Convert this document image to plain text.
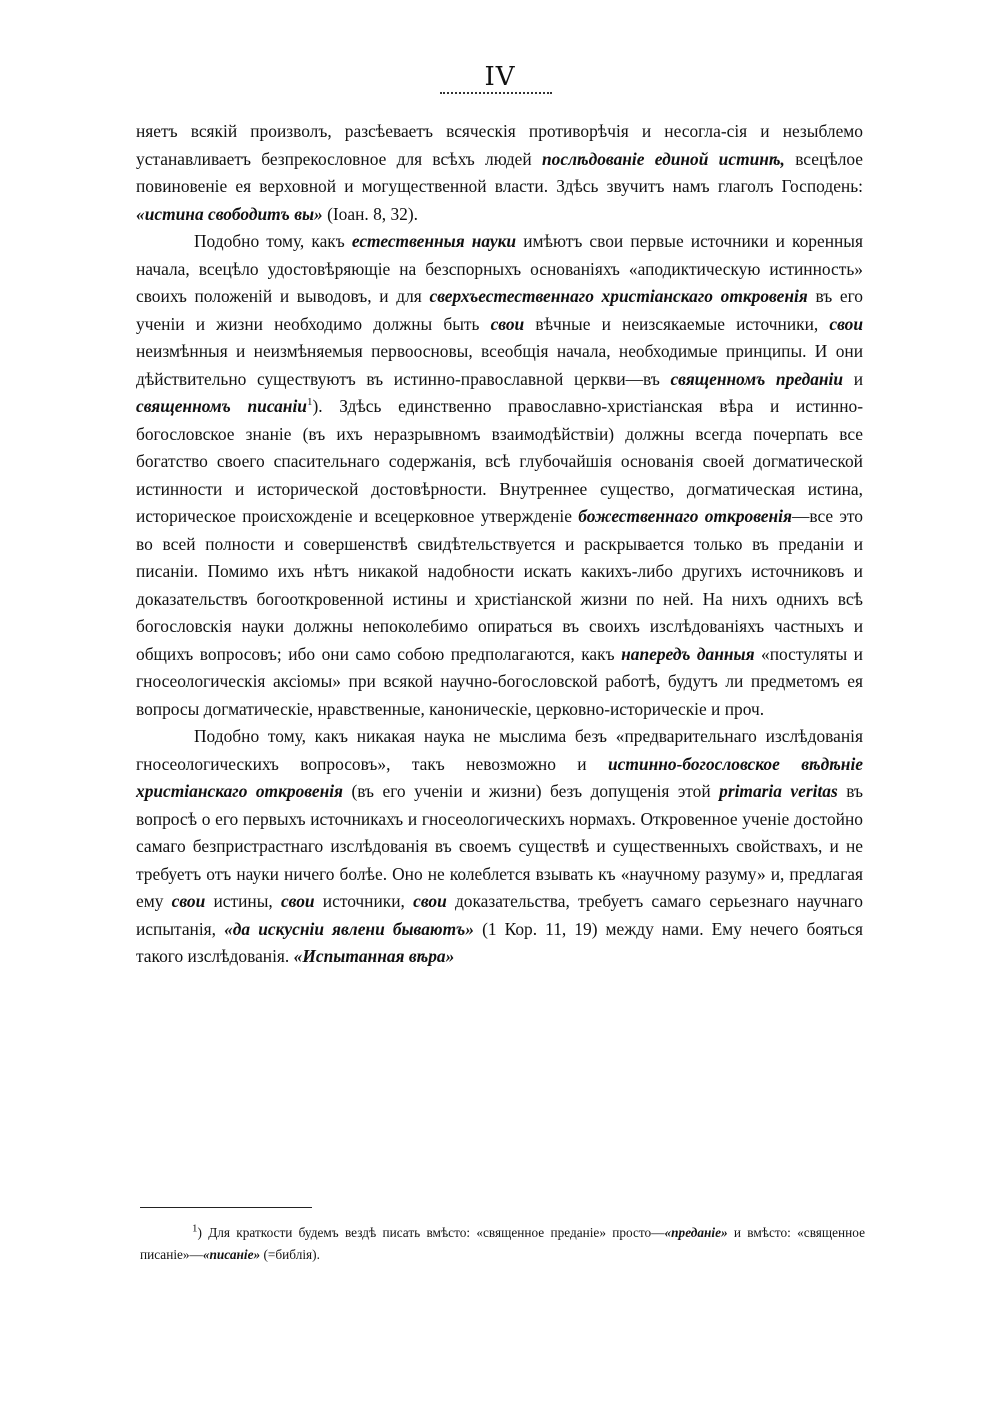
IV

няетъ всякій произволъ, разсѣеваетъ всяческія противорѣчія и несогла-сія и незыблемо устанавливаетъ безпрекословное для всѣхъ людей послѣдованіе единой истинѣ, всецѣлое повиновеніе ея верховной и могущественной власти. Здѣсь звучитъ намъ глаголъ Господень: «истина свободитъ вы» (Іоан. 8, 32).

Подобно тому, какъ естественныя науки имѣютъ свои первые источники и коренныя начала, всецѣло удостовѣряющіе на безспорныхъ основаніяхъ «аподиктическую истинность» своихъ положеній и выводовъ, и для сверхъестественнаго христіанскаго откровенія въ его ученіи и жизни необходимо должны быть свои вѣчные и неизсякаемые источники, свои неизмѣнныя и неизмѣняемыя первоосновы, всеобщія начала, необходимые принципы. И они дѣйствительно существуютъ въ истинно-православной церкви—въ священномъ преданіи и священномъ писаніи$^1$). Здѣсь единственно православно-христіанская вѣра и истинно-богословское знаніе (въ ихъ неразрывномъ взаимодѣйствіи) должны всегда почерпать все богатство своего спасительнаго содержанія, всѣ глубочайшія основанія своей догматической истинности и исторической достовѣрности. Внутреннее существо, догматическая истина, историческое происхожденіе и всецерковное утвержденіе божественнаго откровенія—все это во всей полности и совершенствѣ свидѣтельствуется и раскрывается только въ преданіи и писаніи. Помимо ихъ нѣтъ никакой надобности искать какихъ-либо другихъ источниковъ и доказательствъ богооткровенной истины и христіанской жизни по ней. На нихъ однихъ всѣ богословскія науки должны непоколебимо опираться въ своихъ изслѣдованіяхъ частныхъ и общихъ вопросовъ; ибо они само собою предполагаются, какъ напередъ данныя «постуляты и гносеологическія аксіомы» при всякой научно-богословской работѣ, будутъ ли предметомъ ея вопросы догматическіе, нравственные, каноническіе, церковно-историческіе и проч.

Подобно тому, какъ никакая наука не мыслима безъ «предварительнаго изслѣдованія гносеологическихъ вопросовъ», такъ невозможно и истинно-богословское вѣдѣніе христіанскаго откровенія (въ его ученіи и жизни) безъ допущенія этой primaria veritas въ вопросѣ о его первыхъ источникахъ и гносеологическихъ нормахъ. Откровенное ученіе достойно самаго безпристрастнаго изслѣдованія въ своемъ существѣ и существенныхъ свойствахъ, и не требуетъ отъ науки ничего болѣе. Оно не колеблется взывать къ «научному разуму» и, предлагая ему свои истины, свои источники, свои доказательства, требуетъ самаго серьезнаго научнаго испытанія, «да искуснiи явлени бываютъ» (1 Кор. 11, 19) между нами. Ему нечего бояться такого изслѣдованія. «Испытанная вѣра»

$^1$) Для краткости будемъ вездѣ писать вмѣсто: «священное преданіе» просто—«преданіе» и вмѣсто: «священное писаніе»—«писаніе» (=библія).
